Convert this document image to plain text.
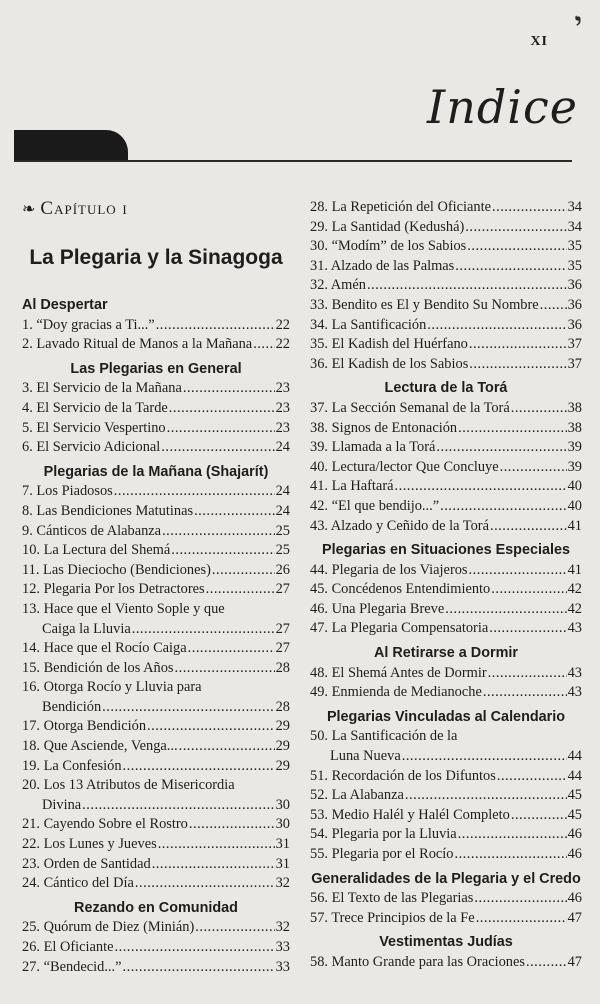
י
XI
Indice
❧ Capítulo i
La Plegaria y la Sinagoga
Al Despertar
1. “Doy gracias a Ti...” .....	22
2. Lavado Ritual de Manos a la Mañana ..... 22
Las Plegarias en General
3. El Servicio de la Mañana .....	23
4. El Servicio de la Tarde .....	23
5. El Servicio Vespertino .....	23
6. El Servicio Adicional .....	24
Plegarias de la Mañana (Shajarít)
7. Los Piadosos .....	24
8. Las Bendiciones Matutinas .....	24
9. Cánticos de Alabanza .....	25
10. La Lectura del Shemá .....	25
11. Las Dieciocho (Bendiciones) .....	26
12. Plegaria Por los Detractores .....	27
13. Hace que el Viento Sople y que
Caiga la Lluvia .....	27
14. Hace que el Rocío Caiga .....	27
15. Bendición de los Años .....	28
16. Otorga Rocío y Lluvia para
Bendición .....	28
17. Otorga Bendición .....	29
18. Que Asciende, Venga... .....	29
19. La Confesión .....	29
20. Los 13 Atributos de Misericordia
Divina .....	30
21. Cayendo Sobre el Rostro .....	30
22. Los Lunes y Jueves .....	31
23. Orden de Santidad .....	31
24. Cántico del Día .....	32
Rezando en Comunidad
25. Quórum de Diez (Minián) .....	32
26. El Oficiante .....	33
27. “Bendecid...” .....	33
28. La Repetición del Oficiante .....	34
29. La Santidad (Kedushá) .....	34
30. “Modím” de los Sabios .....	35
31. Alzado de las Palmas .....	35
32. Amén .....	36
33. Bendito es El y Bendito Su Nombre ..... 36
34. La Santificación .....	36
35. El Kadish del Huérfano .....	37
36. El Kadish de los Sabios .....	37
Lectura de la Torá
37. La Sección Semanal de la Torá .....	38
38. Signos de Entonación .....	38
39. Llamada a la Torá .....	39
40. Lectura/lector Que Concluye .....	39
41. La Haftará .....	40
42. “El que bendijo...” .....	40
43. Alzado y Ceñido de la Torá .....	41
Plegarias en Situaciones Especiales
44. Plegaria de los Viajeros .....	41
45. Concédenos Entendimiento .....	42
46. Una Plegaria Breve .....	42
47. La Plegaria Compensatoria .....	43
Al Retirarse a Dormir
48. El Shemá Antes de Dormir .....	43
49. Enmienda de Medianoche .....	43
Plegarias Vinculadas al Calendario
50. La Santificación de la
Luna Nueva .....	44
51. Recordación de los Difuntos .....	44
52. La Alabanza .....	45
53. Medio Halél y Halél Completo .....	45
54. Plegaria por la Lluvia .....	46
55. Plegaria por el Rocío .....	46
Generalidades de la Plegaria y el Credo
56. El Texto de las Plegarias .....	46
57. Trece Principios de la Fe .....	47
Vestimentas Judías
58. Manto Grande para las Oraciones .....	47
